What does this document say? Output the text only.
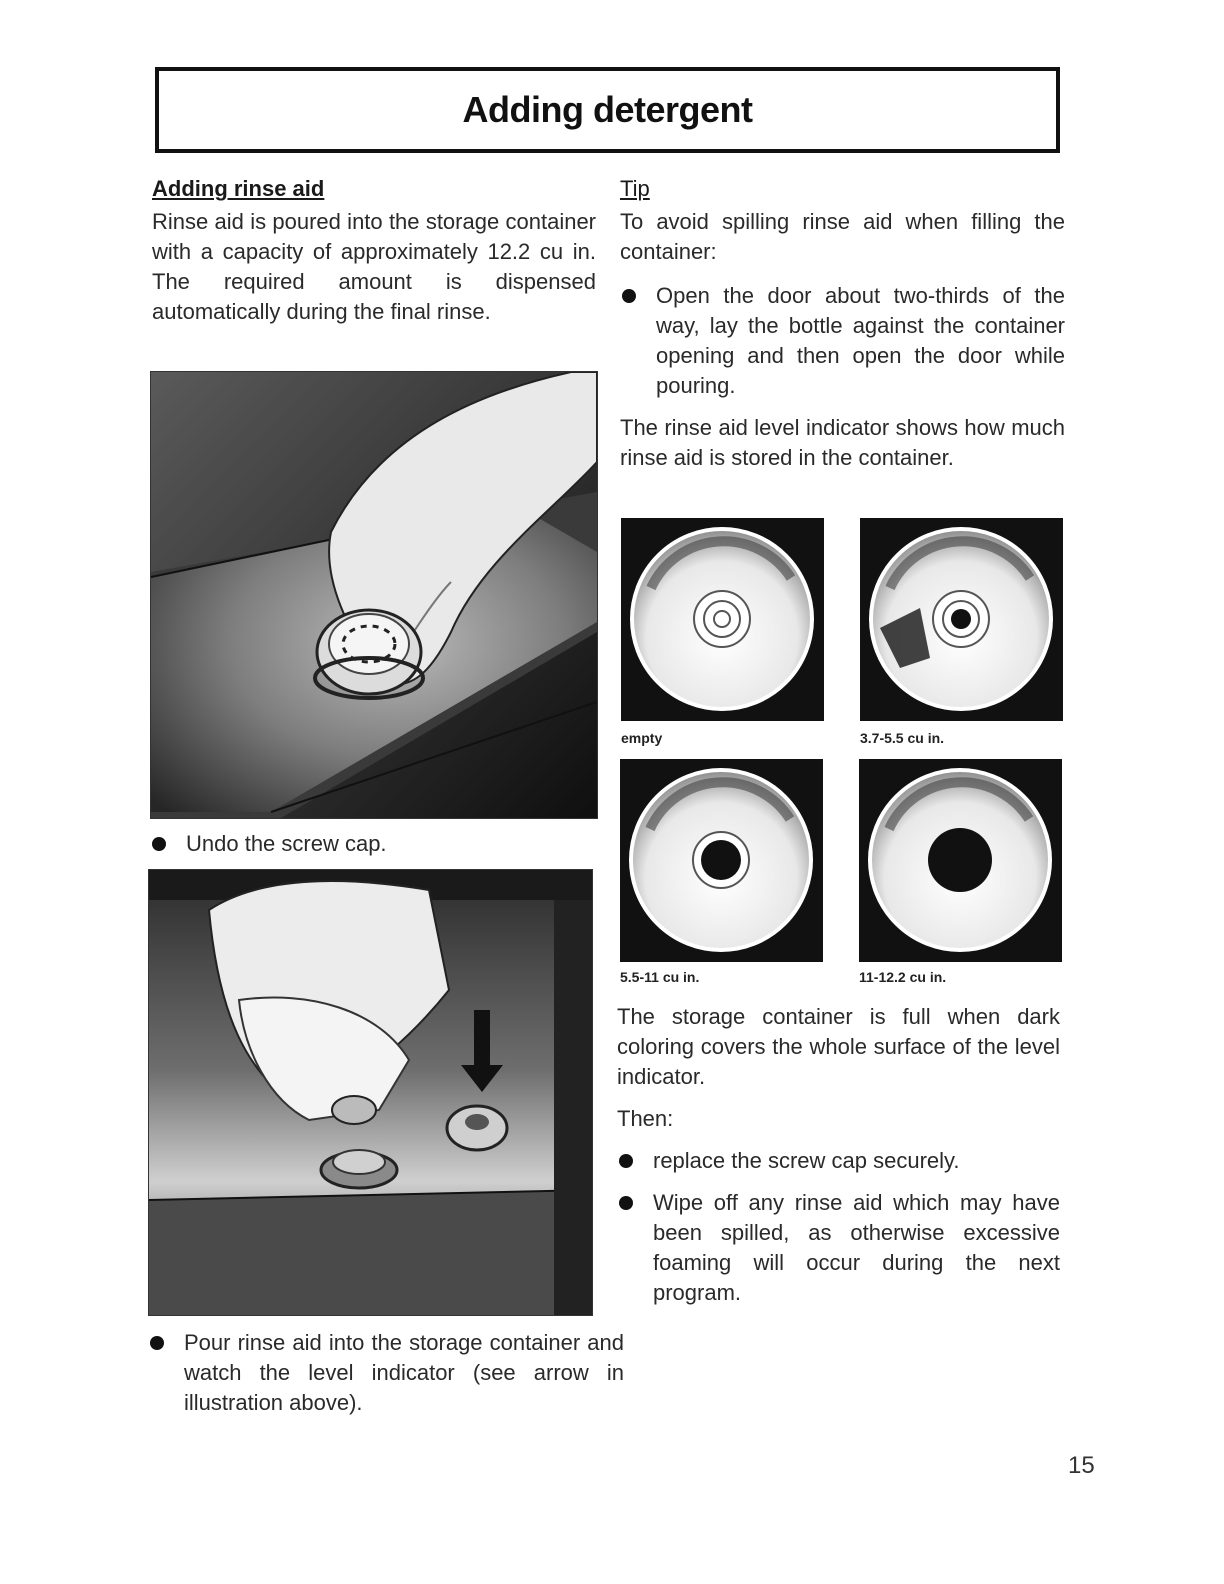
Adding detergent
Adding rinse aid

Rinse aid is poured into the storage container with a capacity of approximately 12.2 cu in. The required amount is dispensed automatically during the final rinse.

Undo the screw cap.
Pour rinse aid into the storage container and watch the level indicator (see arrow in illustration above).
Tip

To avoid spilling rinse aid when filling the container:

Open the door about two-thirds of the way, lay the bottle against the container opening and then open the door while pouring.

The rinse aid level indicator shows how much rinse aid is stored in the container.

empty	3.7-5.5 cu in.
5.5-11 cu in.	11-12.2 cu in.

The storage container is full when dark coloring covers the whole surface of the level indicator.

Then:

replace the screw cap securely.
Wipe off any rinse aid which may have been spilled, as otherwise excessive foaming will occur during the next program.
15
